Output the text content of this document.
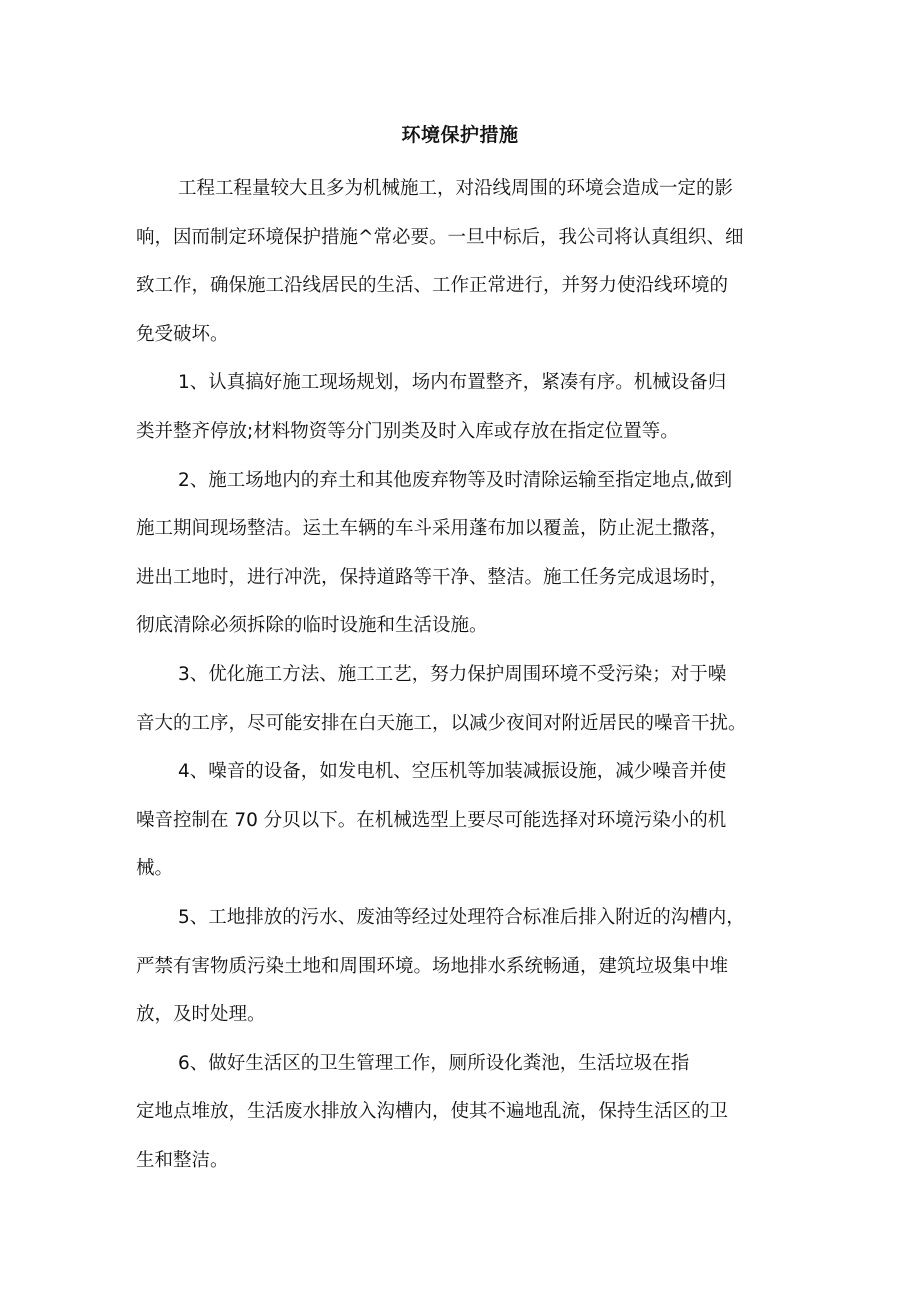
环境保护措施
工程工程量较大且多为机械施工，对沿线周围的环境会造成一定的影
响，因而制定环境保护措施^常必要。一旦中标后，我公司将认真组织、细
致工作，确保施工沿线居民的生活、工作正常进行，并努力使沿线环境的
免受破坏。
1、认真搞好施工现场规划，场内布置整齐，紧凑有序。机械设备归
类并整齐停放;材料物资等分门别类及时入库或存放在指定位置等。
2、施工场地内的弃土和其他废弃物等及时清除运输至指定地点,做到
施工期间现场整洁。运土车辆的车斗采用蓬布加以覆盖，防止泥土撒落，
进出工地时，进行冲洗，保持道路等干净、整洁。施工任务完成退场时，
彻底清除必须拆除的临时设施和生活设施。
3、优化施工方法、施工工艺，努力保护周围环境不受污染；对于噪
音大的工序，尽可能安排在白天施工，以减少夜间对附近居民的噪音干扰。
4、噪音的设备，如发电机、空压机等加装减振设施，减少噪音并使
噪音控制在 70 分贝以下。在机械选型上要尽可能选择对环境污染小的机
械。
5、工地排放的污水、废油等经过处理符合标准后排入附近的沟槽内，
严禁有害物质污染土地和周围环境。场地排水系统畅通，建筑垃圾集中堆
放，及时处理。
6、做好生活区的卫生管理工作，厕所设化粪池，生活垃圾在指
定地点堆放，生活废水排放入沟槽内，使其不遍地乱流，保持生活区的卫
生和整洁。
